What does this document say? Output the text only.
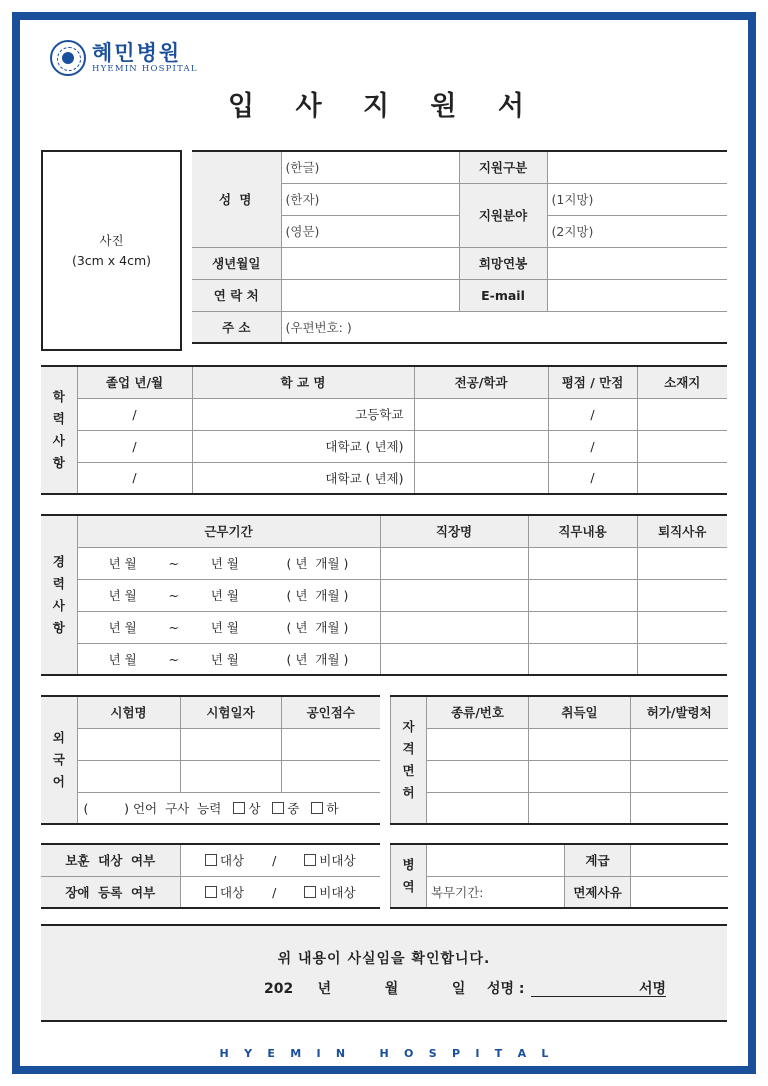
혜민병원
HYEMIN HOSPITAL
입 사 지 원 서
사진
(3cm x 4cm)
성 명	(한글)	지원구분	
	(한자)	지원분야	(1지망)
	(영문)		(2지망)
생년월일		희망연봉	
연 락 처		E-mail	
주 소	(우편번호: )		
학력사항	졸업 년/월	학 교 명	전공/학과	평점 / 만점	소재지
	/	고등학교		/	
	/	대학교 ( 년제)		/	
	/	대학교 ( 년제)		/	
경력사항	근무기간	직장명	직무내용	퇴직사유
	년 월        ~        년 월            ( 년  개월 )			
	년 월        ~        년 월            ( 년  개월 )			
	년 월        ~        년 월            ( 년  개월 )			
	년 월        ~        년 월            ( 년  개월 )			
외국어	시험명	시험일자	공인점수

	(         ) 언어  구사  능력 상 중 하		
자격면허	종류/번호	취득일	허가/발령처

보훈  대상  여부	대상 / 비대상
장애  등록  여부	대상 / 비대상
병역		계급	
	복무기간:	면제사유	
위 내용이 사실임을 확인합니다.
202     년           월           일 성명 :	서명
H    Y    E    M    I    N         H    O    S    P    I    T    A    L
